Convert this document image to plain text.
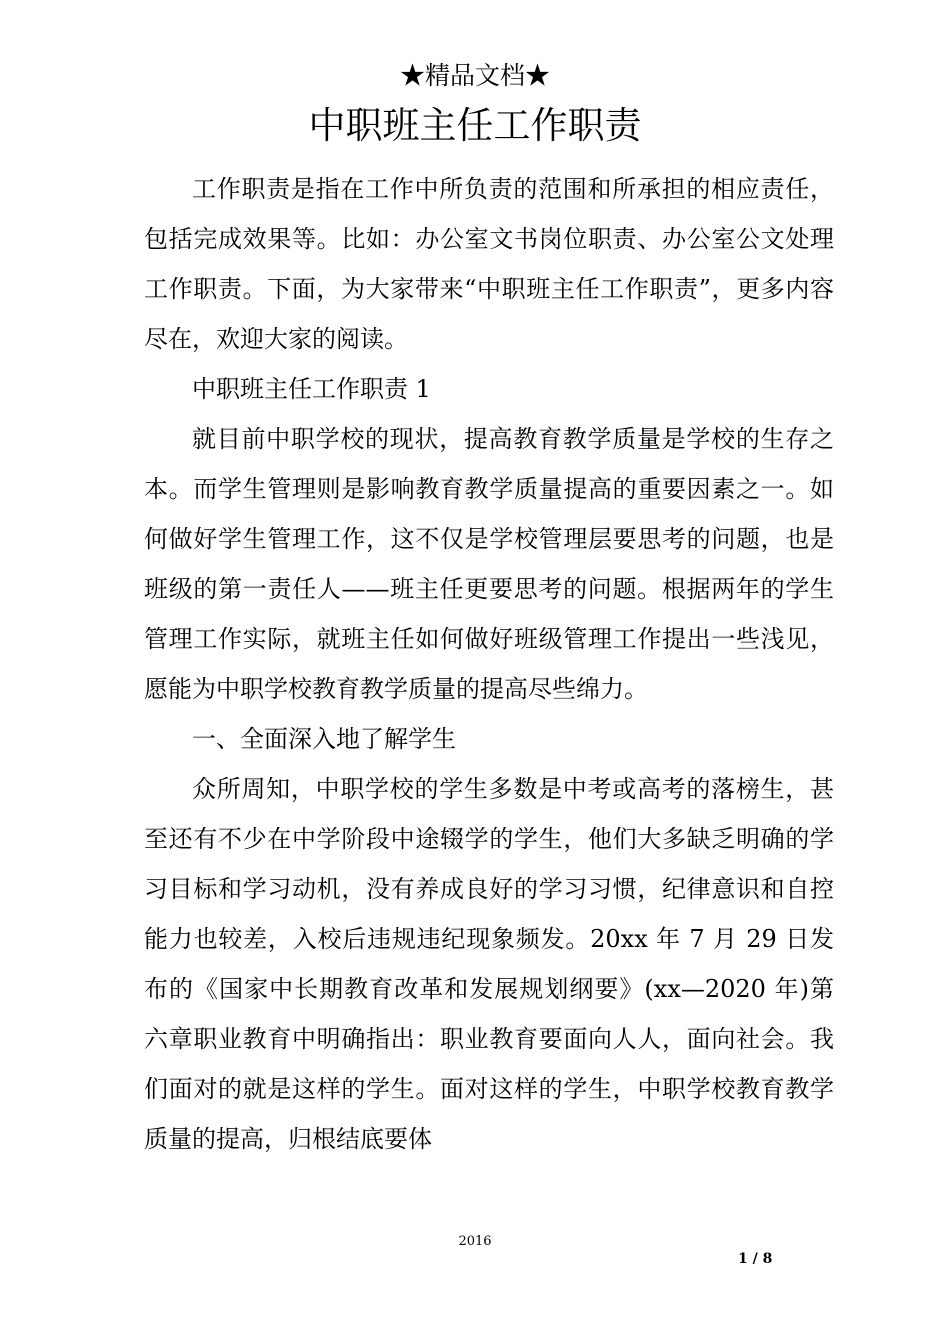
★精品文档★
中职班主任工作职责

工作职责是指在工作中所负责的范围和所承担的相应责任，包括完成效果等。比如：办公室文书岗位职责、办公室公文处理工作职责。下面，为大家带来“中职班主任工作职责”，更多内容尽在，欢迎大家的阅读。

中职班主任工作职责 1

就目前中职学校的现状，提高教育教学质量是学校的生存之本。而学生管理则是影响教育教学质量提高的重要因素之一。如何做好学生管理工作，这不仅是学校管理层要思考的问题，也是班级的第一责任人——班主任更要思考的问题。根据两年的学生管理工作实际，就班主任如何做好班级管理工作提出一些浅见，愿能为中职学校教育教学质量的提高尽些绵力。

一、全面深入地了解学生

众所周知，中职学校的学生多数是中考或高考的落榜生，甚至还有不少在中学阶段中途辍学的学生，他们大多缺乏明确的学习目标和学习动机，没有养成良好的学习习惯，纪律意识和自控能力也较差，入校后违规违纪现象频发。20xx 年 7 月 29 日发布的《国家中长期教育改革和发展规划纲要》(xx—2020 年)第六章职业教育中明确指出：职业教育要面向人人，面向社会。我们面对的就是这样的学生。面对这样的学生，中职学校教育教学质量的提高，归根结底要体

2016
1 / 8
